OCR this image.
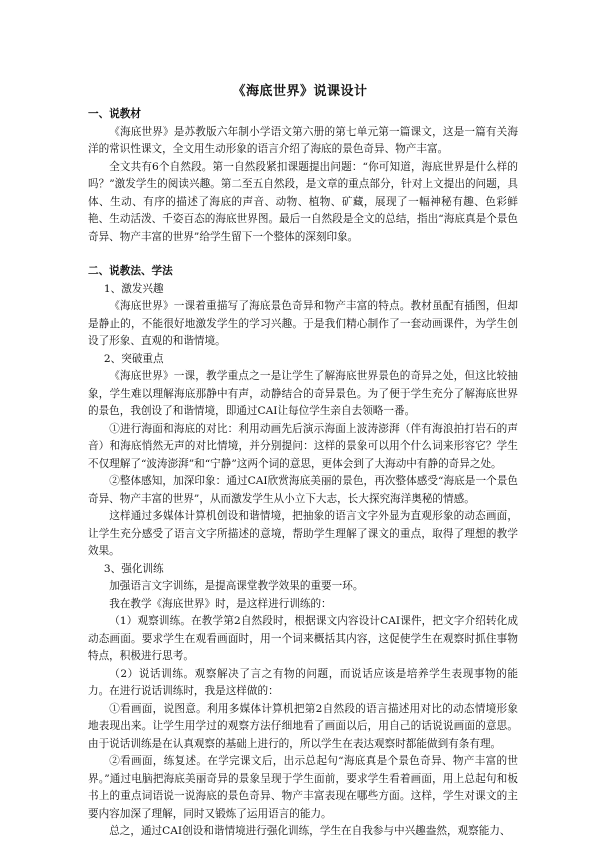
《海底世界》说课设计

一、说教材

《海底世界》是苏教版六年制小学语文第六册的第七单元第一篇课文，这是一篇有关海洋的常识性课文，全文用生动形象的语言介绍了海底的景色奇异、物产丰富。

全文共有6个自然段。第一自然段紧扣课题提出问题：“你可知道，海底世界是什么样的吗？”激发学生的阅读兴趣。第二至五自然段，是文章的重点部分，针对上文提出的问题，具体、生动、有序的描述了海底的声音、动物、植物、矿藏，展现了一幅神秘有趣、色彩鲜艳、生动活泼、千姿百态的海底世界图。最后一自然段是全文的总结，指出“海底真是个景色奇异、物产丰富的世界”给学生留下一个整体的深刻印象。

二、说教法、学法

1、激发兴趣

《海底世界》一课着重描写了海底景色奇异和物产丰富的特点。教材虽配有插图，但却是静止的，不能很好地激发学生的学习兴趣。于是我们精心制作了一套动画课件，为学生创设了形象、直观的和谐情境。

2、突破重点

《海底世界》一课，教学重点之一是让学生了解海底世界景色的奇异之处，但这比较抽象，学生难以理解海底那静中有声，动静结合的奇异景色。为了便于学生充分了解海底世界的景色，我创设了和谐情境，即通过CAI让每位学生亲自去领略一番。

①进行海面和海底的对比：利用动画先后演示海面上波涛澎湃（伴有海浪拍打岩石的声音）和海底悄然无声的对比情境，并分别提问：这样的景象可以用个什么词来形容它？学生不仅理解了“波涛澎湃”和“宁静”这两个词的意思，更体会到了大海动中有静的奇异之处。

②整体感知，加深印象：通过CAI欣赏海底美丽的景色，再次整体感受“海底是一个景色奇异、物产丰富的世界”，从而激发学生从小立下大志，长大探究海洋奥秘的情感。

这样通过多媒体计算机创设和谐情境，把抽象的语言文字外显为直观形象的动态画面，让学生充分感受了语言文字所描述的意境，帮助学生理解了课文的重点，取得了理想的教学效果。

3、强化训练

加强语言文字训练，是提高课堂教学效果的重要一环。

我在教学《海底世界》时，是这样进行训练的：

（1）观察训练。在教学第2自然段时，根据课文内容设计CAI课件，把文字介绍转化成动态画面。要求学生在观看画面时，用一个词来概括其内容，这促使学生在观察时抓住事物特点，积极进行思考。

（2）说话训练。观察解决了言之有物的问题，而说话应该是培养学生表现事物的能力。在进行说话训练时，我是这样做的：

①看画面，说图意。利用多媒体计算机把第2自然段的语言描述用对比的动态情境形象地表现出来。让学生用学过的观察方法仔细地看了画面以后，用自己的话说说画面的意思。由于说话训练是在认真观察的基础上进行的，所以学生在表达观察时都能做到有条有理。

②看画面，练复述。在学完课文后，出示总起句“海底真是个景色奇异、物产丰富的世界。”通过电脑把海底美丽奇异的景象呈现于学生面前，要求学生看着画面，用上总起句和板书上的重点词语说一说海底的景色奇异、物产丰富表现在哪些方面。这样，学生对课文的主要内容加深了理解，同时又锻炼了运用语言的能力。

总之，通过CAI创设和谐情境进行强化训练，学生在自我参与中兴趣盎然，观察能力、
